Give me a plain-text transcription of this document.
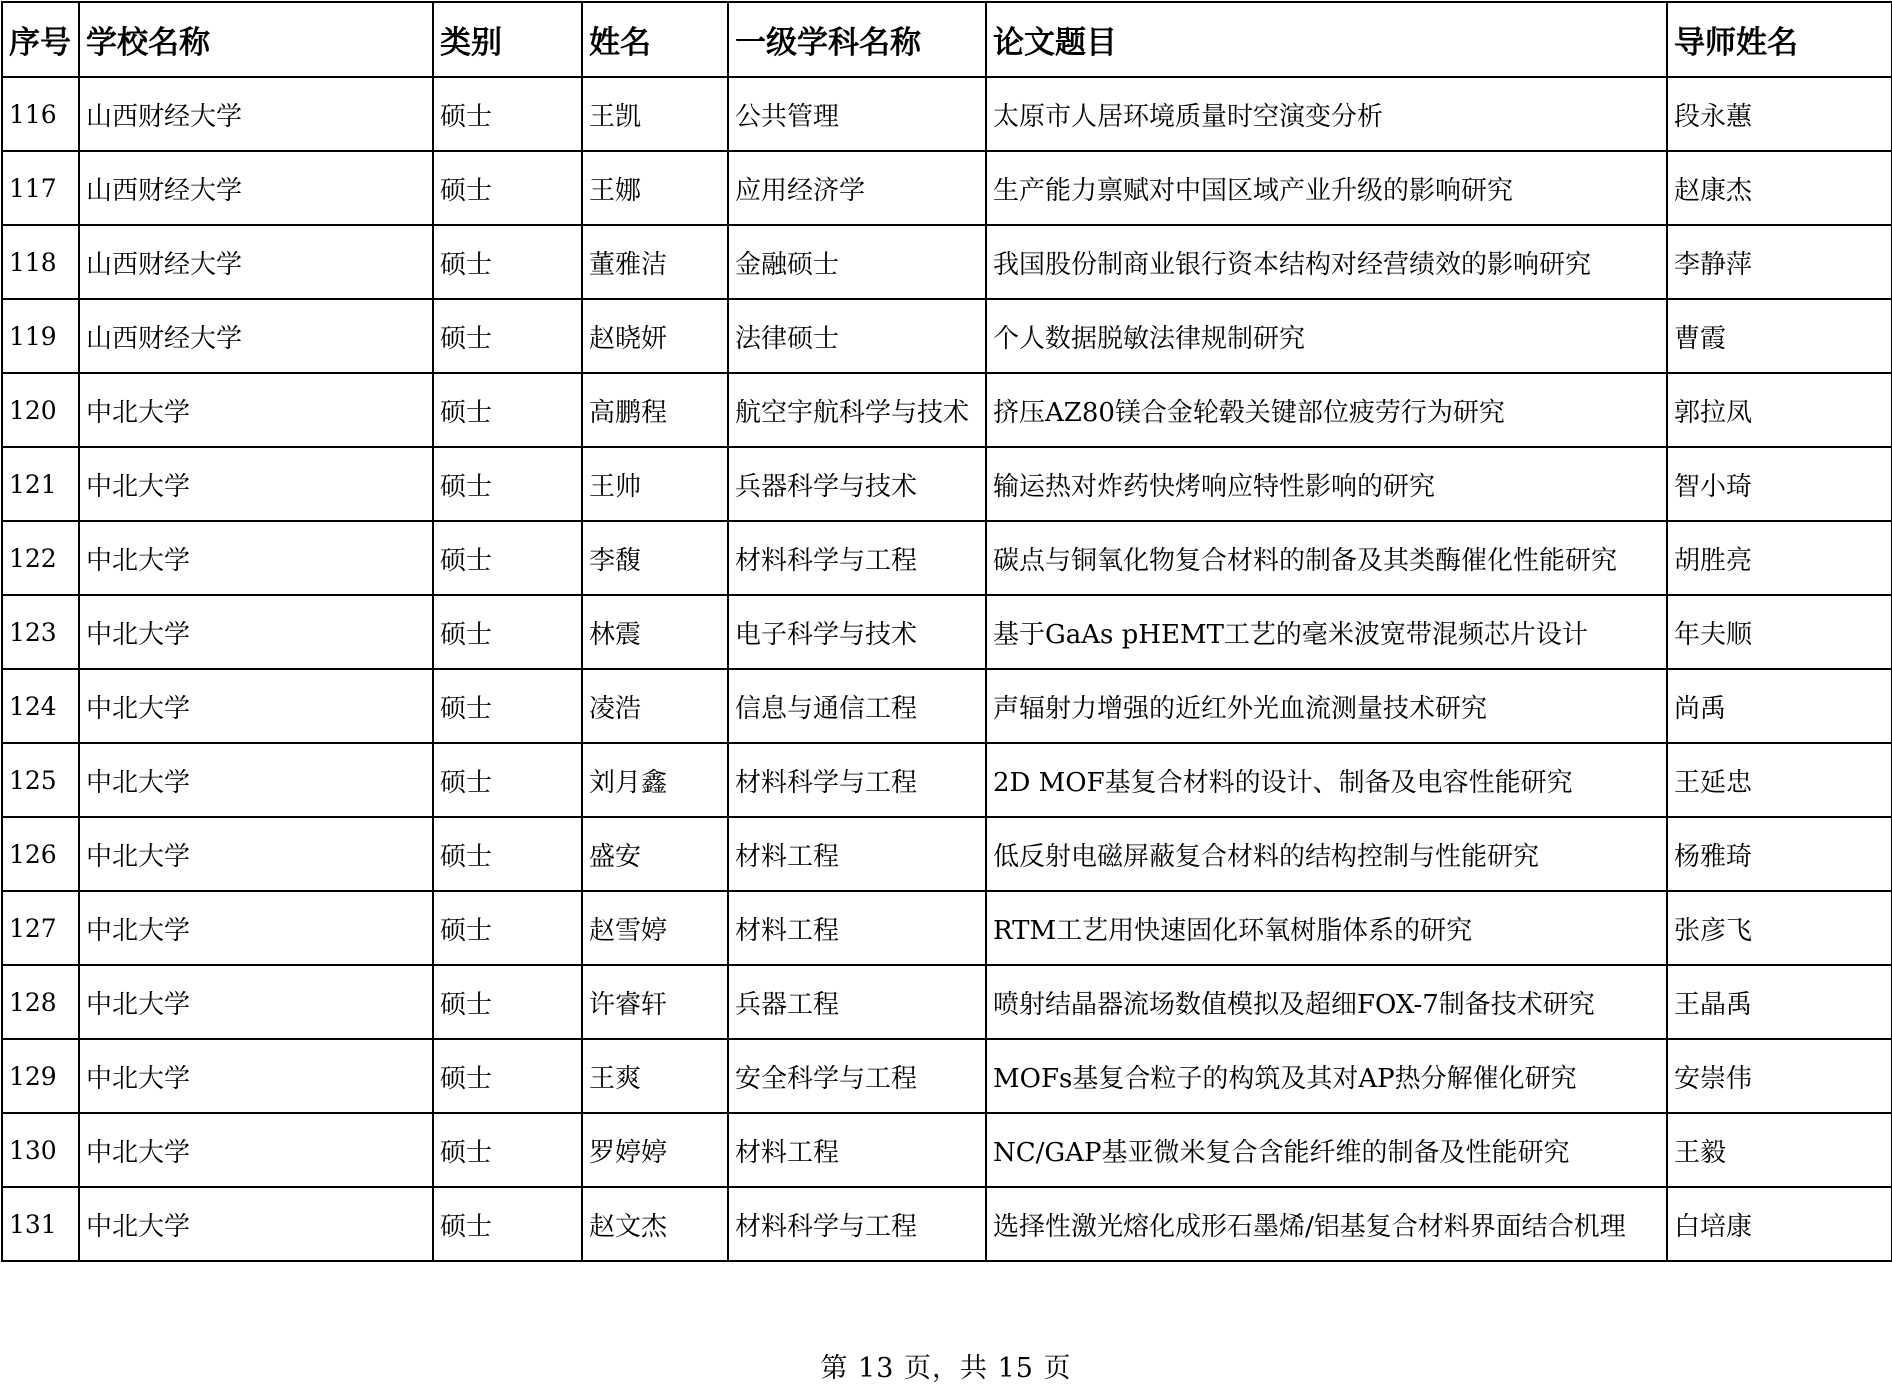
序号	学校名称	类别	姓名	一级学科名称	论文题目	导师姓名
116	山西财经大学	硕士	王凯	公共管理	太原市人居环境质量时空演变分析	段永蕙
117	山西财经大学	硕士	王娜	应用经济学	生产能力禀赋对中国区域产业升级的影响研究	赵康杰
118	山西财经大学	硕士	董雅洁	金融硕士	我国股份制商业银行资本结构对经营绩效的影响研究	李静萍
119	山西财经大学	硕士	赵晓妍	法律硕士	个人数据脱敏法律规制研究	曹霞
120	中北大学	硕士	高鹏程	航空宇航科学与技术	挤压AZ80镁合金轮毂关键部位疲劳行为研究	郭拉凤
121	中北大学	硕士	王帅	兵器科学与技术	输运热对炸药快烤响应特性影响的研究	智小琦
122	中北大学	硕士	李馥	材料科学与工程	碳点与铜氧化物复合材料的制备及其类酶催化性能研究	胡胜亮
123	中北大学	硕士	林震	电子科学与技术	基于GaAs pHEMT工艺的毫米波宽带混频芯片设计	年夫顺
124	中北大学	硕士	凌浩	信息与通信工程	声辐射力增强的近红外光血流测量技术研究	尚禹
125	中北大学	硕士	刘月鑫	材料科学与工程	2D MOF基复合材料的设计、制备及电容性能研究	王延忠
126	中北大学	硕士	盛安	材料工程	低反射电磁屏蔽复合材料的结构控制与性能研究	杨雅琦
127	中北大学	硕士	赵雪婷	材料工程	RTM工艺用快速固化环氧树脂体系的研究	张彦飞
128	中北大学	硕士	许睿轩	兵器工程	喷射结晶器流场数值模拟及超细FOX-7制备技术研究	王晶禹
129	中北大学	硕士	王爽	安全科学与工程	MOFs基复合粒子的构筑及其对AP热分解催化研究	安崇伟
130	中北大学	硕士	罗婷婷	材料工程	NC/GAP基亚微米复合含能纤维的制备及性能研究	王毅
131	中北大学	硕士	赵文杰	材料科学与工程	选择性激光熔化成形石墨烯/铝基复合材料界面结合机理	白培康
第 13 页，共 15 页
